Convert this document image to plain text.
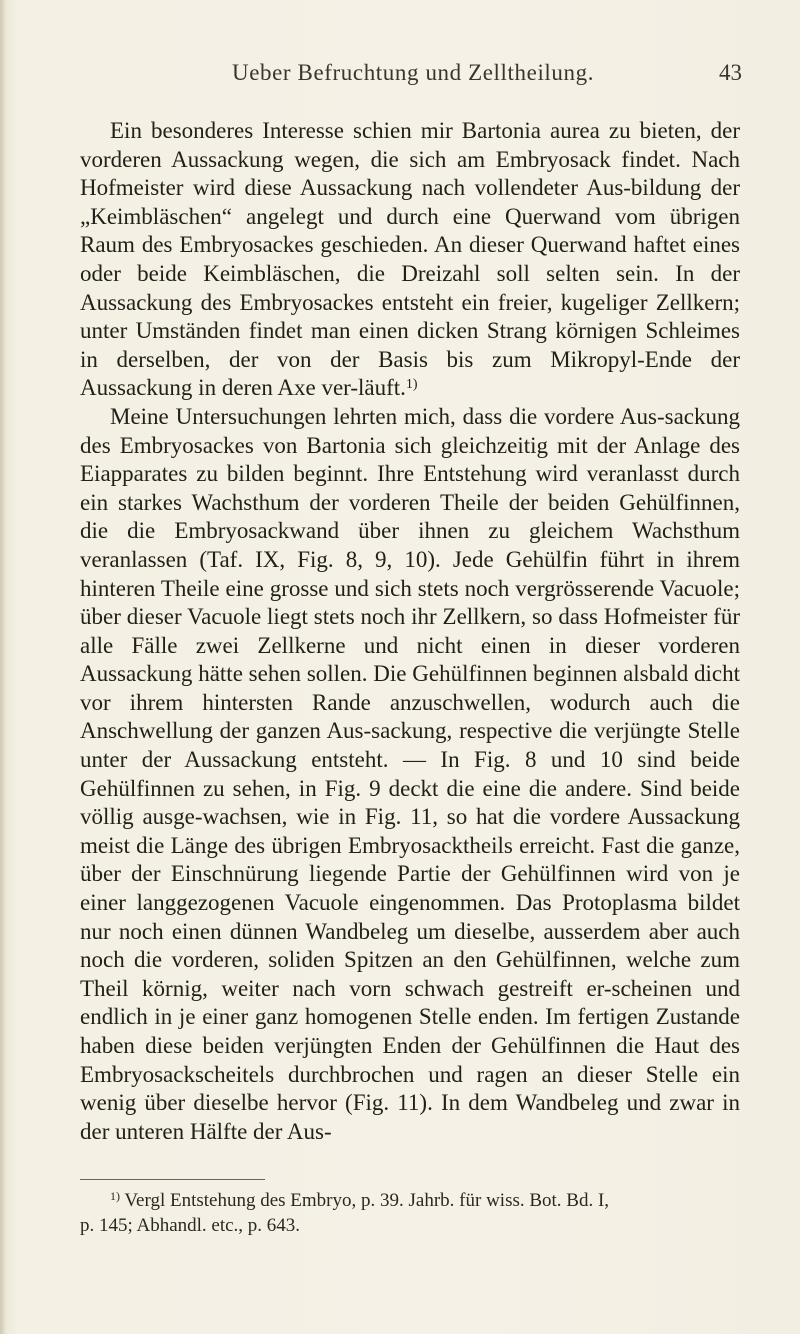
Ueber Befruchtung und Zelltheilung.	43

Ein besonderes Interesse schien mir Bartonia aurea zu bieten, der vorderen Aussackung wegen, die sich am Embryosack findet. Nach Hofmeister wird diese Aussackung nach vollendeter Aus-bildung der „Keimbläschen“ angelegt und durch eine Querwand vom übrigen Raum des Embryosackes geschieden. An dieser Querwand haftet eines oder beide Keimbläschen, die Dreizahl soll selten sein. In der Aussackung des Embryosackes entsteht ein freier, kugeliger Zellkern; unter Umständen findet man einen dicken Strang körnigen Schleimes in derselben, der von der Basis bis zum Mikropyl-Ende der Aussackung in deren Axe ver-läuft.$^{1)}$

Meine Untersuchungen lehrten mich, dass die vordere Aus-sackung des Embryosackes von Bartonia sich gleichzeitig mit der Anlage des Eiapparates zu bilden beginnt. Ihre Entstehung wird veranlasst durch ein starkes Wachsthum der vorderen Theile der beiden Gehülfinnen, die die Embryosackwand über ihnen zu gleichem Wachsthum veranlassen (Taf. IX, Fig. 8, 9, 10). Jede Gehülfin führt in ihrem hinteren Theile eine grosse und sich stets noch vergrösserende Vacuole; über dieser Vacuole liegt stets noch ihr Zellkern, so dass Hofmeister für alle Fälle zwei Zellkerne und nicht einen in dieser vorderen Aussackung hätte sehen sollen. Die Gehülfinnen beginnen alsbald dicht vor ihrem hintersten Rande anzuschwellen, wodurch auch die Anschwellung der ganzen Aus-sackung, respective die verjüngte Stelle unter der Aussackung entsteht. — In Fig. 8 und 10 sind beide Gehülfinnen zu sehen, in Fig. 9 deckt die eine die andere. Sind beide völlig ausge-wachsen, wie in Fig. 11, so hat die vordere Aussackung meist die Länge des übrigen Embryosacktheils erreicht. Fast die ganze, über der Einschnürung liegende Partie der Gehülfinnen wird von je einer langgezogenen Vacuole eingenommen. Das Protoplasma bildet nur noch einen dünnen Wandbeleg um dieselbe, ausserdem aber auch noch die vorderen, soliden Spitzen an den Gehülfinnen, welche zum Theil körnig, weiter nach vorn schwach gestreift er-scheinen und endlich in je einer ganz homogenen Stelle enden. Im fertigen Zustande haben diese beiden verjüngten Enden der Gehülfinnen die Haut des Embryosackscheitels durchbrochen und ragen an dieser Stelle ein wenig über dieselbe hervor (Fig. 11). In dem Wandbeleg und zwar in der unteren Hälfte der Aus-

$^{1)}$ Vergl Entstehung des Embryo, p. 39. Jahrb. für wiss. Bot. Bd. I,
p. 145; Abhandl. etc., p. 643.
